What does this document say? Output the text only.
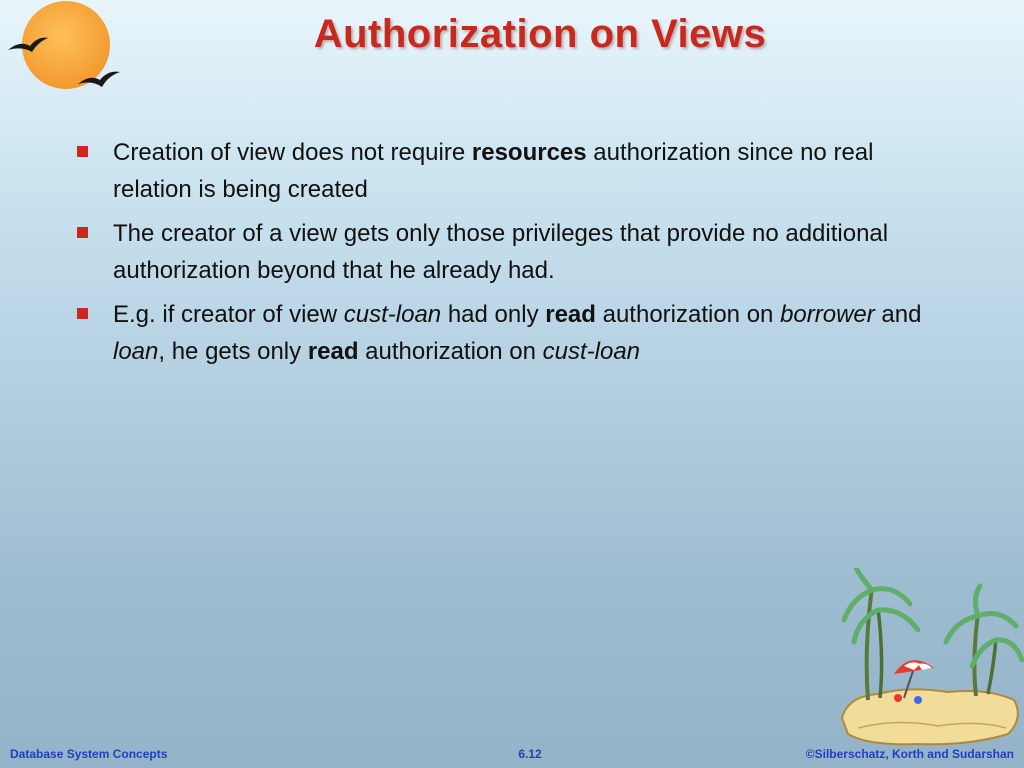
Authorization on Views
Creation of view does not require resources authorization since no real relation is being created
The creator of a view gets only those privileges that provide no additional authorization beyond that he already had.
E.g. if creator of view cust-loan had only read authorization on borrower and loan, he gets only read authorization on cust-loan
Database System Concepts	6.12	©Silberschatz, Korth and Sudarshan
